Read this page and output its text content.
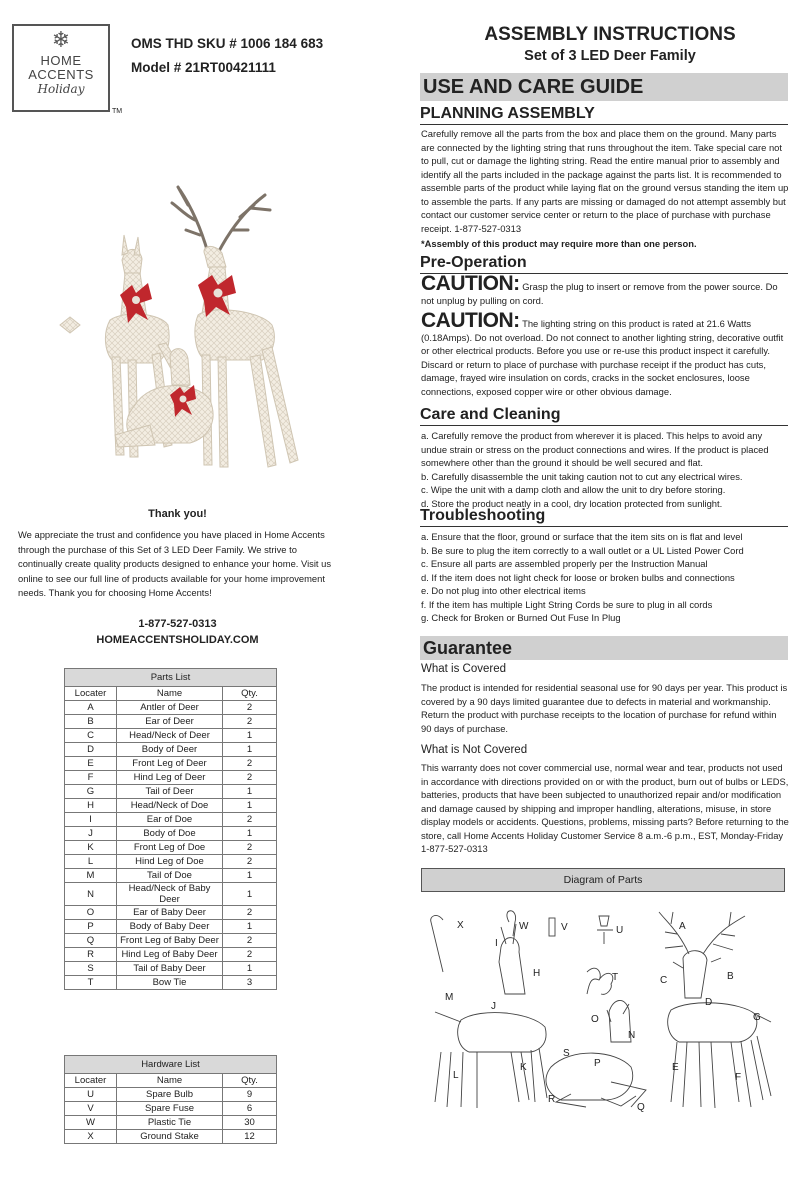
❄
HOME
ACCENTS
Holiday
TM
OMS THD SKU # 1006 184 683
Model # 21RT00421111
Thank you!
We appreciate the trust and confidence you have placed in Home Accents through the purchase of this Set of 3 LED Deer Family. We strive to continually create quality products designed to enhance your home. Visit us online to see our full line of products available for your home improvement needs. Thank you for choosing Home Accents!
1-877-527-0313
HOMEACCENTSHOLIDAY.COM
Parts List		
Locater	Name	Qty.
A	Antler of Deer	2
B	Ear of Deer	2
C	Head/Neck of Deer	1
D	Body of Deer	1
E	Front Leg of Deer	2
F	Hind Leg of Deer	2
G	Tail of Deer	1
H	Head/Neck of Doe	1
I	Ear of Doe	2
J	Body of Doe	1
K	Front Leg of Doe	2
L	Hind Leg of Doe	2
M	Tail of Doe	1
N	Head/Neck of Baby Deer	1
O	Ear of Baby Deer	2
P	Body of Baby Deer	1
Q	Front Leg of Baby Deer	2
R	Hind Leg of Baby Deer	2
S	Tail of Baby Deer	1
T	Bow Tie	3
Hardware List		
Locater	Name	Qty.
U	Spare Bulb	9
V	Spare Fuse	6
W	Plastic Tie	30
X	Ground Stake	12
ASSEMBLY INSTRUCTIONS
Set of 3 LED Deer Family
USE AND CARE GUIDE
PLANNING ASSEMBLY
Carefully remove all the parts from the box and place them on the ground. Many parts are connected by the lighting string that runs throughout the item. Take special care not to pull, cut or damage the lighting string. Read the entire manual prior to assembly and identify all the parts included in the package against the parts list. It is recommended to assemble parts of the product while laying flat on the ground versus standing the item up to assemble the parts. If any parts are missing or damaged do not attempt assembly but contact our customer service center or return to the place of purchase with purchase receipt. 1-877-527-0313
*Assembly of this product may require more than one person.
Pre-Operation
CAUTION: Grasp the plug to insert or remove from the power source. Do not unplug by pulling on cord.
CAUTION: The lighting string on this product is rated at 21.6 Watts (0.18Amps). Do not overload. Do not connect to another lighting string, decorative outfit or other electrical products. Before you use or re-use this product inspect it carefully. Discard or return to place of purchase with purchase receipt if the product has cuts, damage, frayed wire insulation on cords, cracks in the socket enclosures, loose connections, exposed copper wire or other obvious damage.
Care and Cleaning
a. Carefully remove the product from wherever it is placed. This helps to avoid any undue strain or stress on the product connections and wires. If the product is placed somewhere other than the ground it should be well secured and flat.
b. Carefully disassemble the unit taking caution not to cut any electrical wires.
c. Wipe the unit with a damp cloth and allow the unit to dry before storing.
d. Store the product neatly in a cool, dry location protected from sunlight.
Troubleshooting
a. Ensure that the floor, ground or surface that the item sits on is flat and level
b. Be sure to plug the item correctly to a wall outlet or a UL Listed Power Cord
c. Ensure all parts are assembled properly per the Instruction Manual
d. If the item does not light check for loose or broken bulbs and connections
e. Do not plug into other electrical items
f. If the item has multiple Light String Cords be sure to plug in all cords
g. Check for Broken or Burned Out Fuse In Plug
Guarantee
What is Covered
The product is intended for residential seasonal use for 90 days per year. This product is covered by a 90 days limited guarantee due to defects in material and workmanship. Return the product with purchase receipts to the location of purchase for refund within 90 days of purchase.
What is Not Covered
This warranty does not cover commercial use, normal wear and tear, products not used in accordance with directions provided on or with the product, burn out of bulbs or LEDS, batteries, products that have been subjected to unauthorized repair and/or modification and damage caused by shipping and improper handling, alterations, misuse, in store display models or accidents. Questions, problems, missing parts? Before returning to the store, call Home Accents Holiday Customer Service 8 a.m.-6 p.m., EST, Monday-Friday 1-877-527-0313
Diagram of Parts
X	W	V	U	A
I
H	T	C	B
M
J	D
G
O
N
S
P
K
L
E
F
R
Q
